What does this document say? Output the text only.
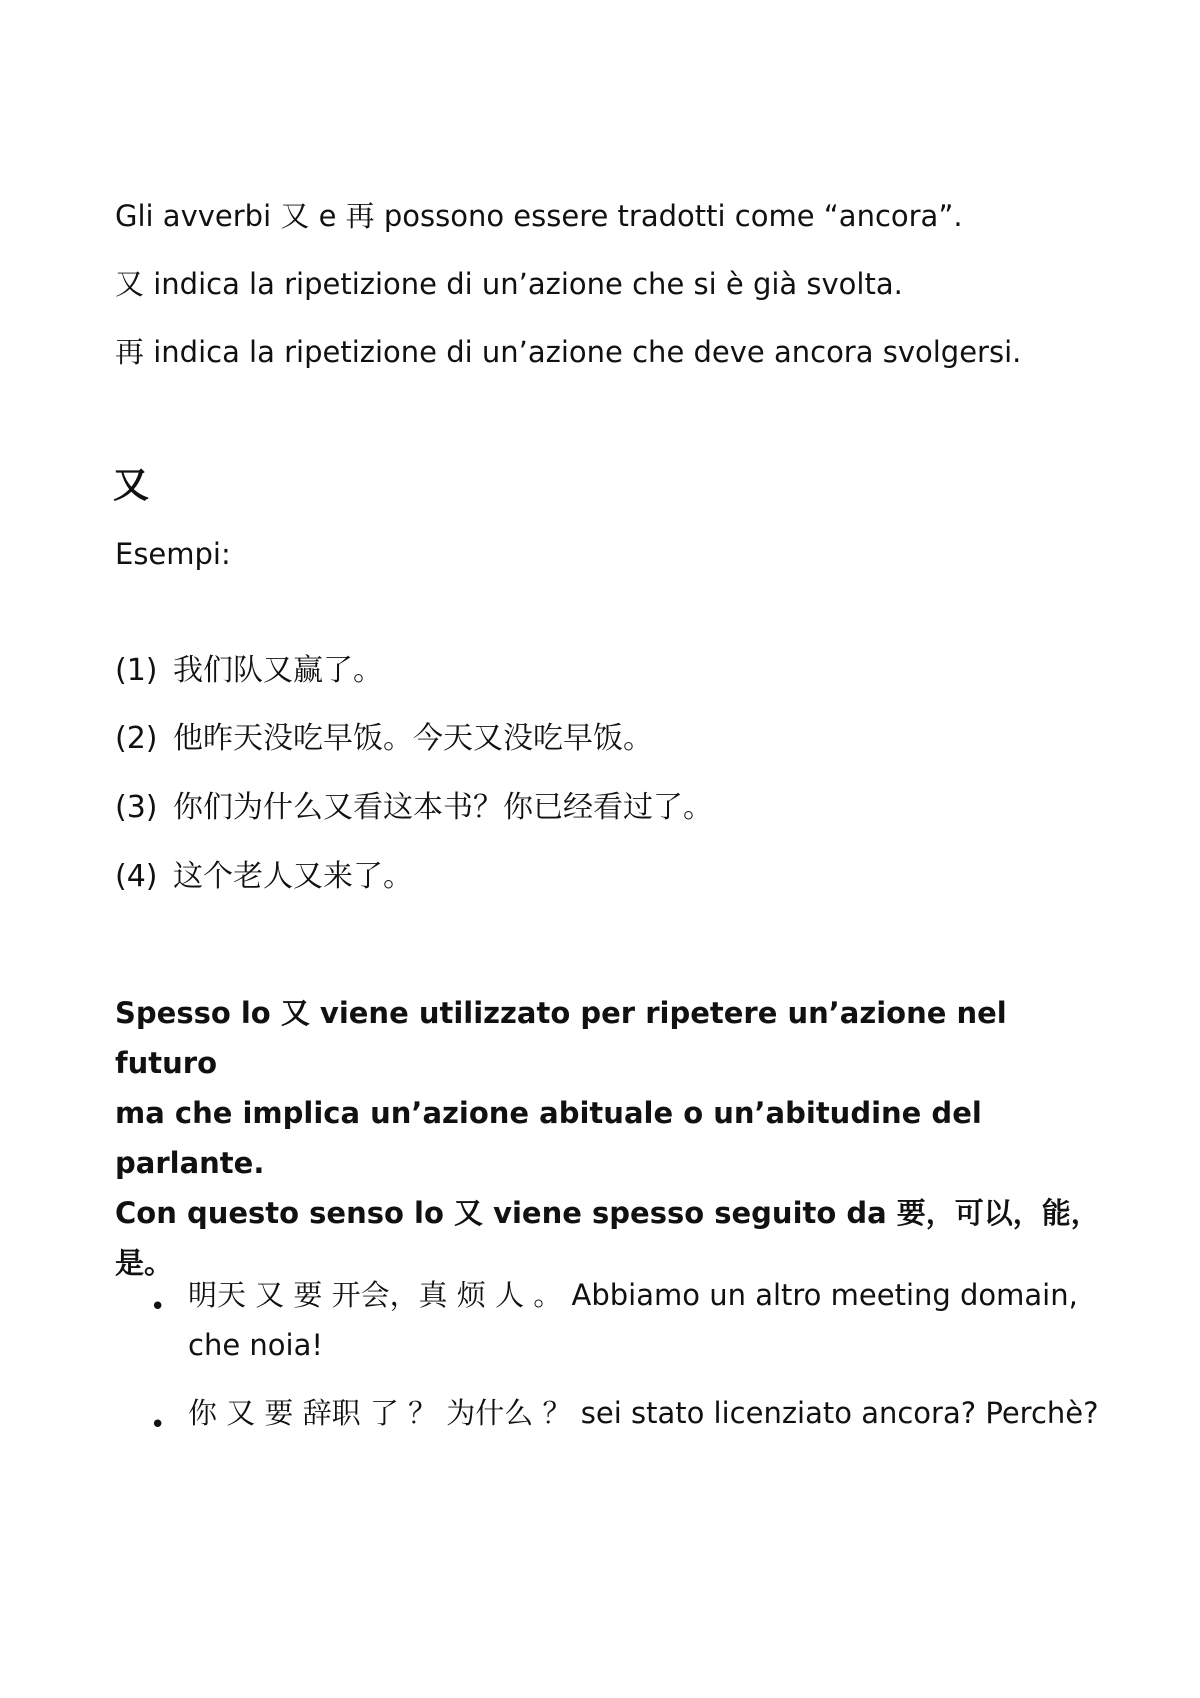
Gli avverbi 又 e 再 possono essere tradotti come “ancora”.
又 indica la ripetizione di un’azione che si è già svolta.
再 indica la ripetizione di un’azione che deve ancora svolgersi.
又
Esempi:
(1) 我们队又赢了。
(2) 他昨天没吃早饭。今天又没吃早饭。
(3) 你们为什么又看这本书？你已经看过了。
(4) 这个老人又来了。

Spesso lo 又 viene utilizzato per ripetere un’azione nel futuro

ma che implica un’azione abituale o un’abitudine del parlante.

Con questo senso lo 又 viene spesso seguito da 要，可以，能，

是。

• 明天 又 要 开会，真 烦 人 。 Abbiamo un altro meeting domain, che noia!
• 你 又 要 辞职 了 ？ 为什么 ？ sei stato licenziato ancora? Perchè?
